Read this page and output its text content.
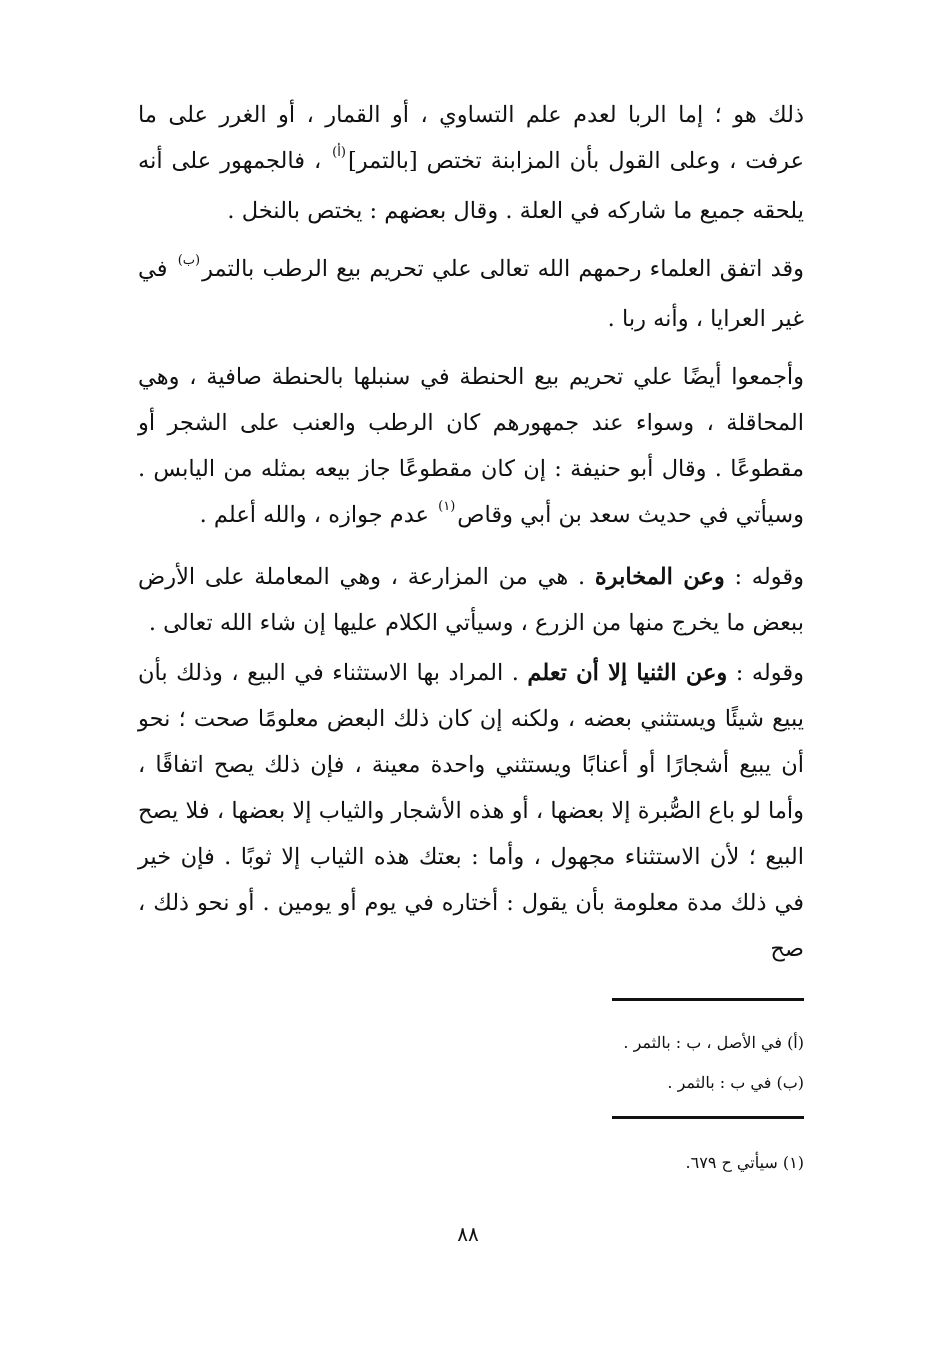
ذلك هو ؛ إما الربا لعدم علم التساوي ، أو القمار ، أو الغرر على ما عرفت ، وعلى القول بأن المزابنة تختص [بالتمر]$^{(أ)}$ ، فالجمهور على أنه يلحقه جميع ما شاركه في العلة . وقال بعضهم : يختص بالنخل .

وقد اتفق العلماء رحمهم الله تعالى علي تحريم بيع الرطب بالتمر$^{(ب)}$ في غير العرايا ، وأنه ربا .

وأجمعوا أيضًا علي تحريم بيع الحنطة في سنبلها بالحنطة صافية ، وهي المحاقلة ، وسواء عند جمهورهم كان الرطب والعنب على الشجر أو مقطوعًا . وقال أبو حنيفة : إن كان مقطوعًا جاز بيعه بمثله من اليابس . وسيأتي في حديث سعد بن أبي وقاص$^{(١)}$ عدم جوازه ، والله أعلم .

وقوله : وعن المخابرة . هي من المزارعة ، وهي المعاملة على الأرض ببعض ما يخرج منها من الزرع ، وسيأتي الكلام عليها إن شاء الله تعالى .

وقوله : وعن الثنيا إلا أن تعلم . المراد بها الاستثناء في البيع ، وذلك بأن يبيع شيئًا ويستثني بعضه ، ولكنه إن كان ذلك البعض معلومًا صحت ؛ نحو أن يبيع أشجارًا أو أعنابًا ويستثني واحدة معينة ، فإن ذلك يصح اتفاقًا ، وأما لو باع الصُّبرة إلا بعضها ، أو هذه الأشجار والثياب إلا بعضها ، فلا يصح البيع ؛ لأن الاستثناء مجهول ، وأما : بعتك هذه الثياب إلا ثوبًا . فإن خير في ذلك مدة معلومة بأن يقول : أختاره في يوم أو يومين . أو نحو ذلك ، صح

(أ) في الأصل ، ب : بالثمر .
(ب) في ب : بالثمر .
(١) سيأتي ح ٦٧٩.
٨٨
